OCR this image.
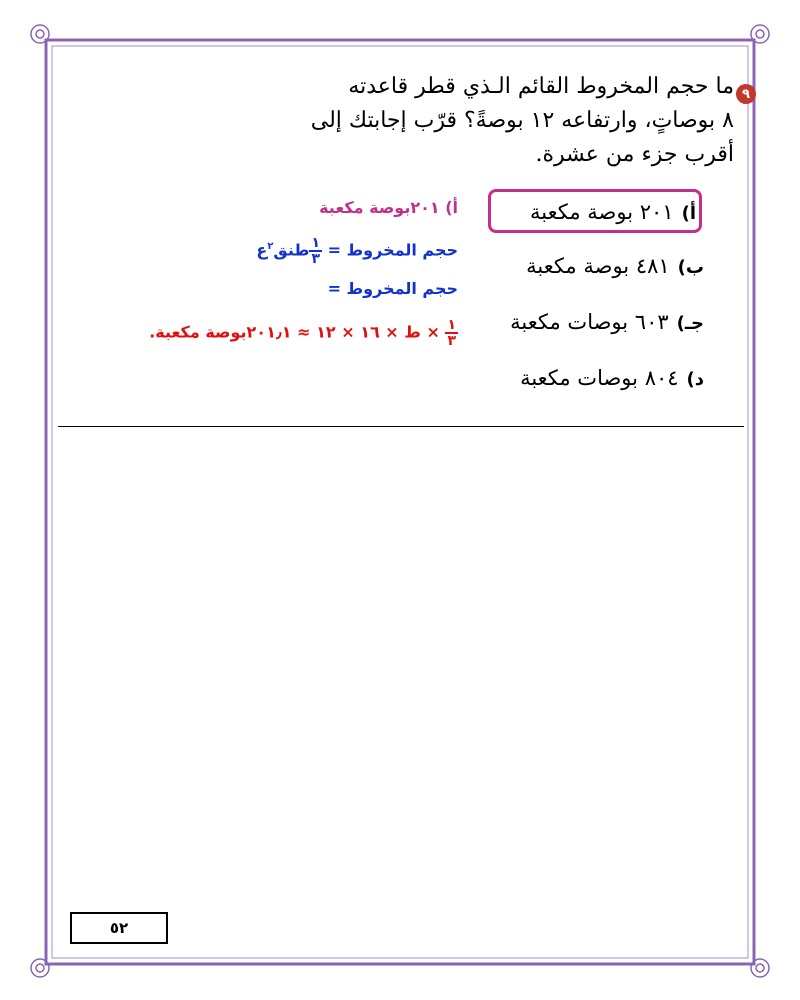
٩
ما حجم المخروط القائم الـذي قطر قاعدته
٨ بوصاتٍ، وارتفاعه ١٢ بوصةً؟ قرّب إجابتك إلى
أقرب جزء من عشرة.
أ)٢٠١ بوصة مكعبة
ب)٤٨١ بوصة مكعبة
جـ)٦٠٣ بوصات مكعبة
د)٨٠٤ بوصات مكعبة
أ) ٢٠١بوصة مكعبة
حجم المخروط =
$\frac{١}{٣}$
طنق$^٢$ع
حجم المخروط =
$\frac{١}{٣}$
× ط × ١٦ × ١٢ ≈ ٢٠١٫١بوصة مكعبة.
٥٢
